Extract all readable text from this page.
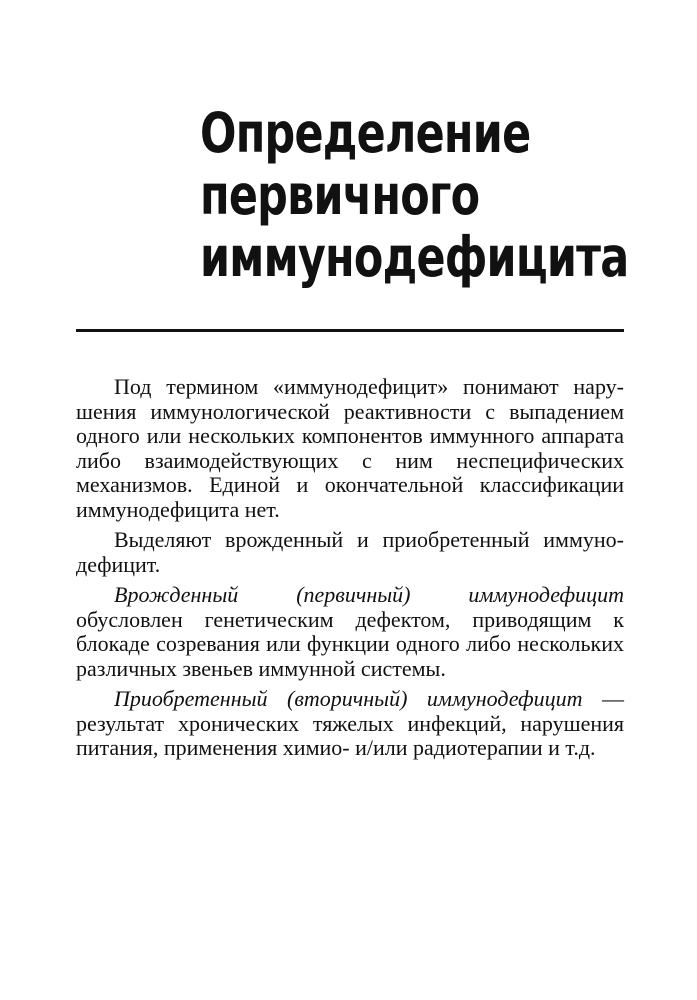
Определение
первичного
иммунодефицита

Под термином «иммунодефицит» понимают нарушения иммунологической реактивности с выпадением одного или нескольких компонентов иммунного аппарата либо взаимодействующих с ним неспецифических механизмов. Единой и окончательной классификации иммунодефицита нет.

Выделяют врожденный и приобретенный иммунодефицит.

Врожденный (первичный) иммунодефицит обусловлен генетическим дефектом, приводящим к блокаде созревания или функции одного либо нескольких различных звеньев иммунной системы.

Приобретенный (вторичный) иммунодефицит — результат хронических тяжелых инфекций, нарушения питания, применения химио- и/или радиотерапии и т.д.
